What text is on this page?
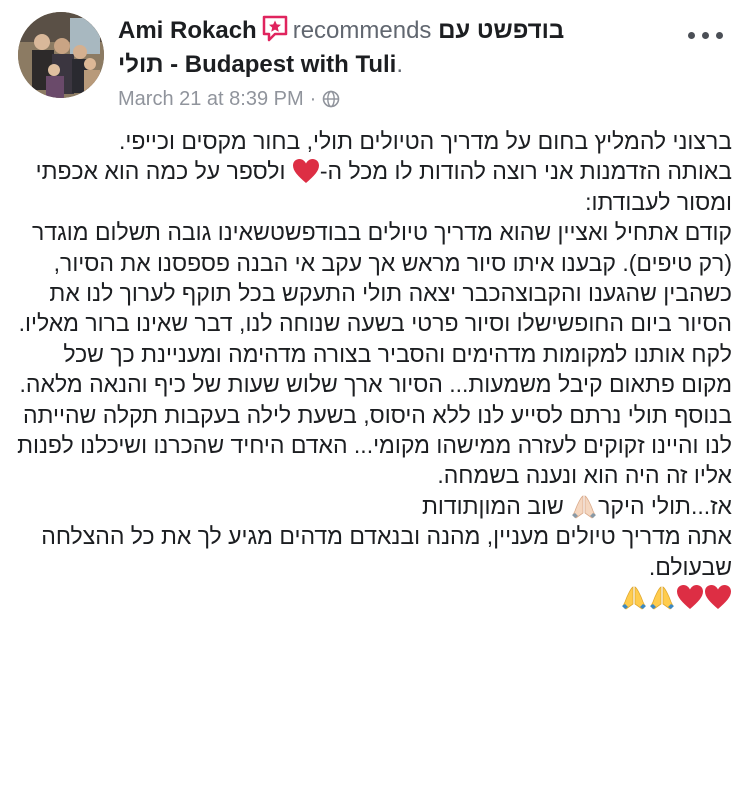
Ami Rokach recommends בודפשט עם
תולי - Budapest with Tuli.
March 21 at 8:39 PM ·

ברצוני להמליץ בחום על מדריך הטיולים תולי, בחור מקסים וכייפי.

באותה הזדמנות אני רוצה להודות לו מכל ה-
ולספר על כמה הוא אכפתי ומסור לעבודתו:

קודם אתחיל ואציין שהוא מדריך טיולים בבודפשטשאינו גובה תשלום מוגדר (רק טיפים). קבענו איתו סיור מראש אך עקב אי הבנה פספסנו את הסיור, כשהבין שהגענו והקבוצהכבר יצאה תולי התעקש בכל תוקף לערוך לנו את הסיור ביום החופשישלו וסיור פרטי בשעה שנוחה לנו, דבר שאינו ברור מאליו. לקח אותנו למקומות מדהימים והסביר בצורה מדהימה ומעניינת כך שכל מקום פתאום קיבל משמעות... הסיור ארך שלוש שעות של כיף והנאה מלאה.

בנוסף תולי נרתם לסייע לנו ללא היסוס, בשעת לילה בעקבות תקלה שהייתה לנו והיינו זקוקים לעזרה ממישהו מקומי... האדם היחיד שהכרנו ושיכלנו לפנות אליו זה היה הוא ונענה בשמחה.

אז...תולי היקר
שוב המוןתודות

אתה מדריך טיולים מעניין, מהנה ובנאדם מדהים מגיע לך את כל ההצלחה שבעולם.
